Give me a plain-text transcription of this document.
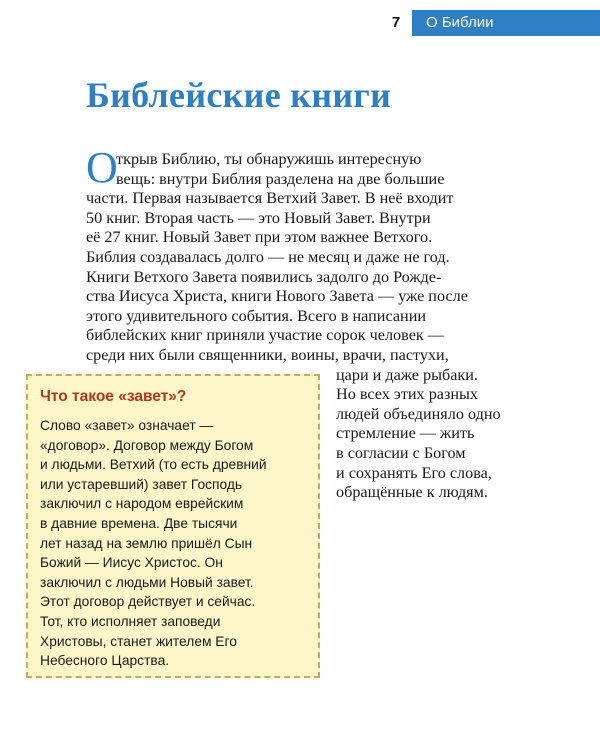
7	О Библии
Библейские книги
О
ткрыв Библию, ты обнаружишь интересную
вещь: внутри Библия разделена на две большие
части. Первая называется Ветхий Завет. В неё входит
50 книг. Вторая часть — это Новый Завет. Внутри
её 27 книг. Новый Завет при этом важнее Ветхого.
Библия создавалась долго — не месяц и даже не год.
Книги Ветхого Завета появились задолго до Рожде-
ства Иисуса Христа, книги Нового Завета — уже после
этого удивительного события. Всего в написании
библейских книг приняли участие сорок человек —
среди них были священники, воины, врачи, пастухи,
цари и даже рыбаки.
Но всех этих разных
людей объединяло одно
стремление — жить
в согласии с Богом
и сохранять Его слова,
обращённые к людям.
Что такое «завет»?
Слово «завет» означает —
«договор». Договор между Богом
и людьми. Ветхий (то есть древний
или устаревший) завет Господь
заключил с народом еврейским
в давние времена. Две тысячи
лет назад на землю пришёл Сын
Божий — Иисус Христос. Он
заключил с людьми Новый завет.
Этот договор действует и сейчас.
Тот, кто исполняет заповеди
Христовы, станет жителем Его
Небесного Царства.
